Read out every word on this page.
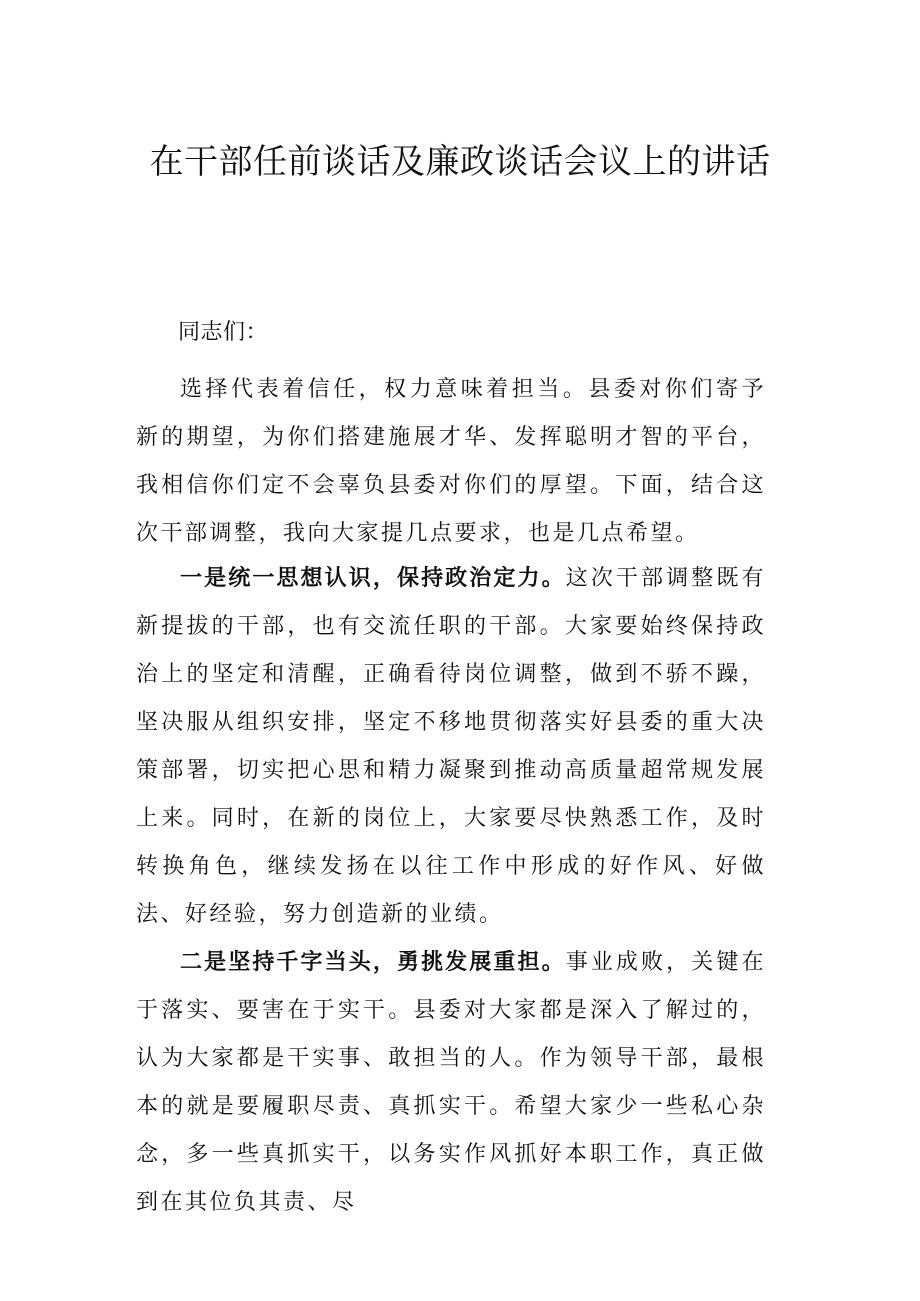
在干部任前谈话及廉政谈话会议上的讲话

同志们：

选择代表着信任，权力意味着担当。县委对你们寄予新的期望，为你们搭建施展才华、发挥聪明才智的平台，我相信你们定不会辜负县委对你们的厚望。下面，结合这次干部调整，我向大家提几点要求，也是几点希望。

一是统一思想认识，保持政治定力。这次干部调整既有新提拔的干部，也有交流任职的干部。大家要始终保持政治上的坚定和清醒，正确看待岗位调整，做到不骄不躁，坚决服从组织安排，坚定不移地贯彻落实好县委的重大决策部署，切实把心思和精力凝聚到推动高质量超常规发展上来。同时，在新的岗位上，大家要尽快熟悉工作，及时转换角色，继续发扬在以往工作中形成的好作风、好做法、好经验，努力创造新的业绩。

二是坚持千字当头，勇挑发展重担。事业成败，关键在于落实、要害在于实干。县委对大家都是深入了解过的，认为大家都是干实事、敢担当的人。作为领导干部，最根本的就是要履职尽责、真抓实干。希望大家少一些私心杂念，多一些真抓实干，以务实作风抓好本职工作，真正做到在其位负其责、尽
